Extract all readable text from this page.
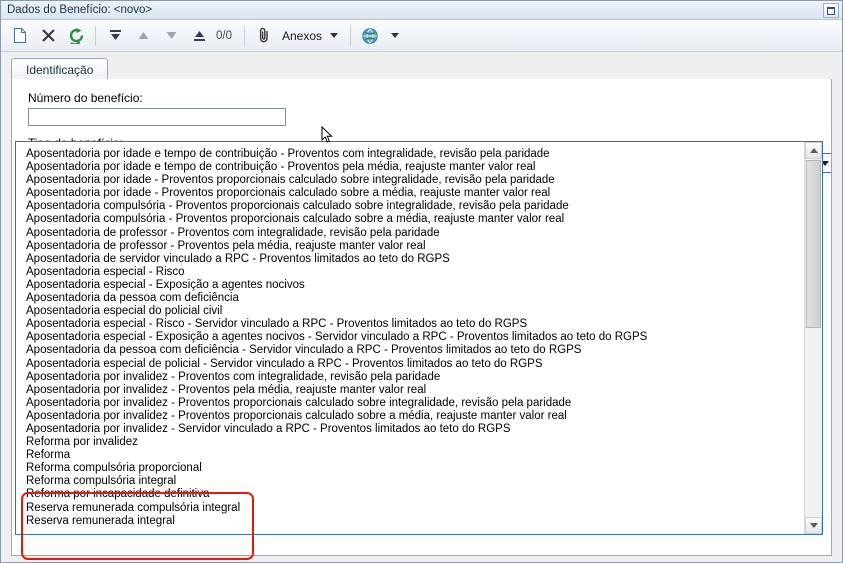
Dados do Benefício: <novo>
0/0	Anexos
Identificação
Número do benefício:
Aposentadoria por idade e tempo de contribuição - Proventos com integralidade, revisão pela paridade
Aposentadoria por idade e tempo de contribuição - Proventos pela média, reajuste manter valor real
Aposentadoria por idade - Proventos proporcionais calculado sobre integralidade, revisão pela paridade
Aposentadoria por idade - Proventos proporcionais calculado sobre a média, reajuste manter valor real
Aposentadoria compulsória - Proventos proporcionais calculado sobre integralidade, revisão pela paridade
Aposentadoria compulsória - Proventos proporcionais calculado sobre a média, reajuste manter valor real
Aposentadoria de professor - Proventos com integralidade, revisão pela paridade
Aposentadoria de professor - Proventos pela média, reajuste manter valor real
Aposentadoria de servidor vinculado a RPC - Proventos limitados ao teto do RGPS
Aposentadoria especial - Risco
Aposentadoria especial - Exposição a agentes nocivos
Aposentadoria da pessoa com deficiência
Aposentadoria especial do policial civil
Aposentadoria especial - Risco - Servidor vinculado a RPC - Proventos limitados ao teto do RGPS
Aposentadoria especial - Exposição a agentes nocivos - Servidor vinculado a RPC - Proventos limitados ao teto do RGPS
Aposentadoria da pessoa com deficiência - Servidor vinculado a RPC - Proventos limitados ao teto do RGPS
Aposentadoria especial de policial - Servidor vinculado a RPC - Proventos limitados ao teto do RGPS
Aposentadoria por invalidez - Proventos com integralidade, revisão pela paridade
Aposentadoria por invalidez - Proventos pela média, reajuste manter valor real
Aposentadoria por invalidez - Proventos proporcionais calculado sobre integralidade, revisão pela paridade
Aposentadoria por invalidez - Proventos proporcionais calculado sobre a média, reajuste manter valor real
Aposentadoria por invalidez - Servidor vinculado a RPC - Proventos limitados ao teto do RGPS
Reforma por invalidez
Reforma
Reforma compulsória proporcional
Reforma compulsória integral
Reforma por incapacidade definitiva
Reserva remunerada compulsória integral
Reserva remunerada integral
